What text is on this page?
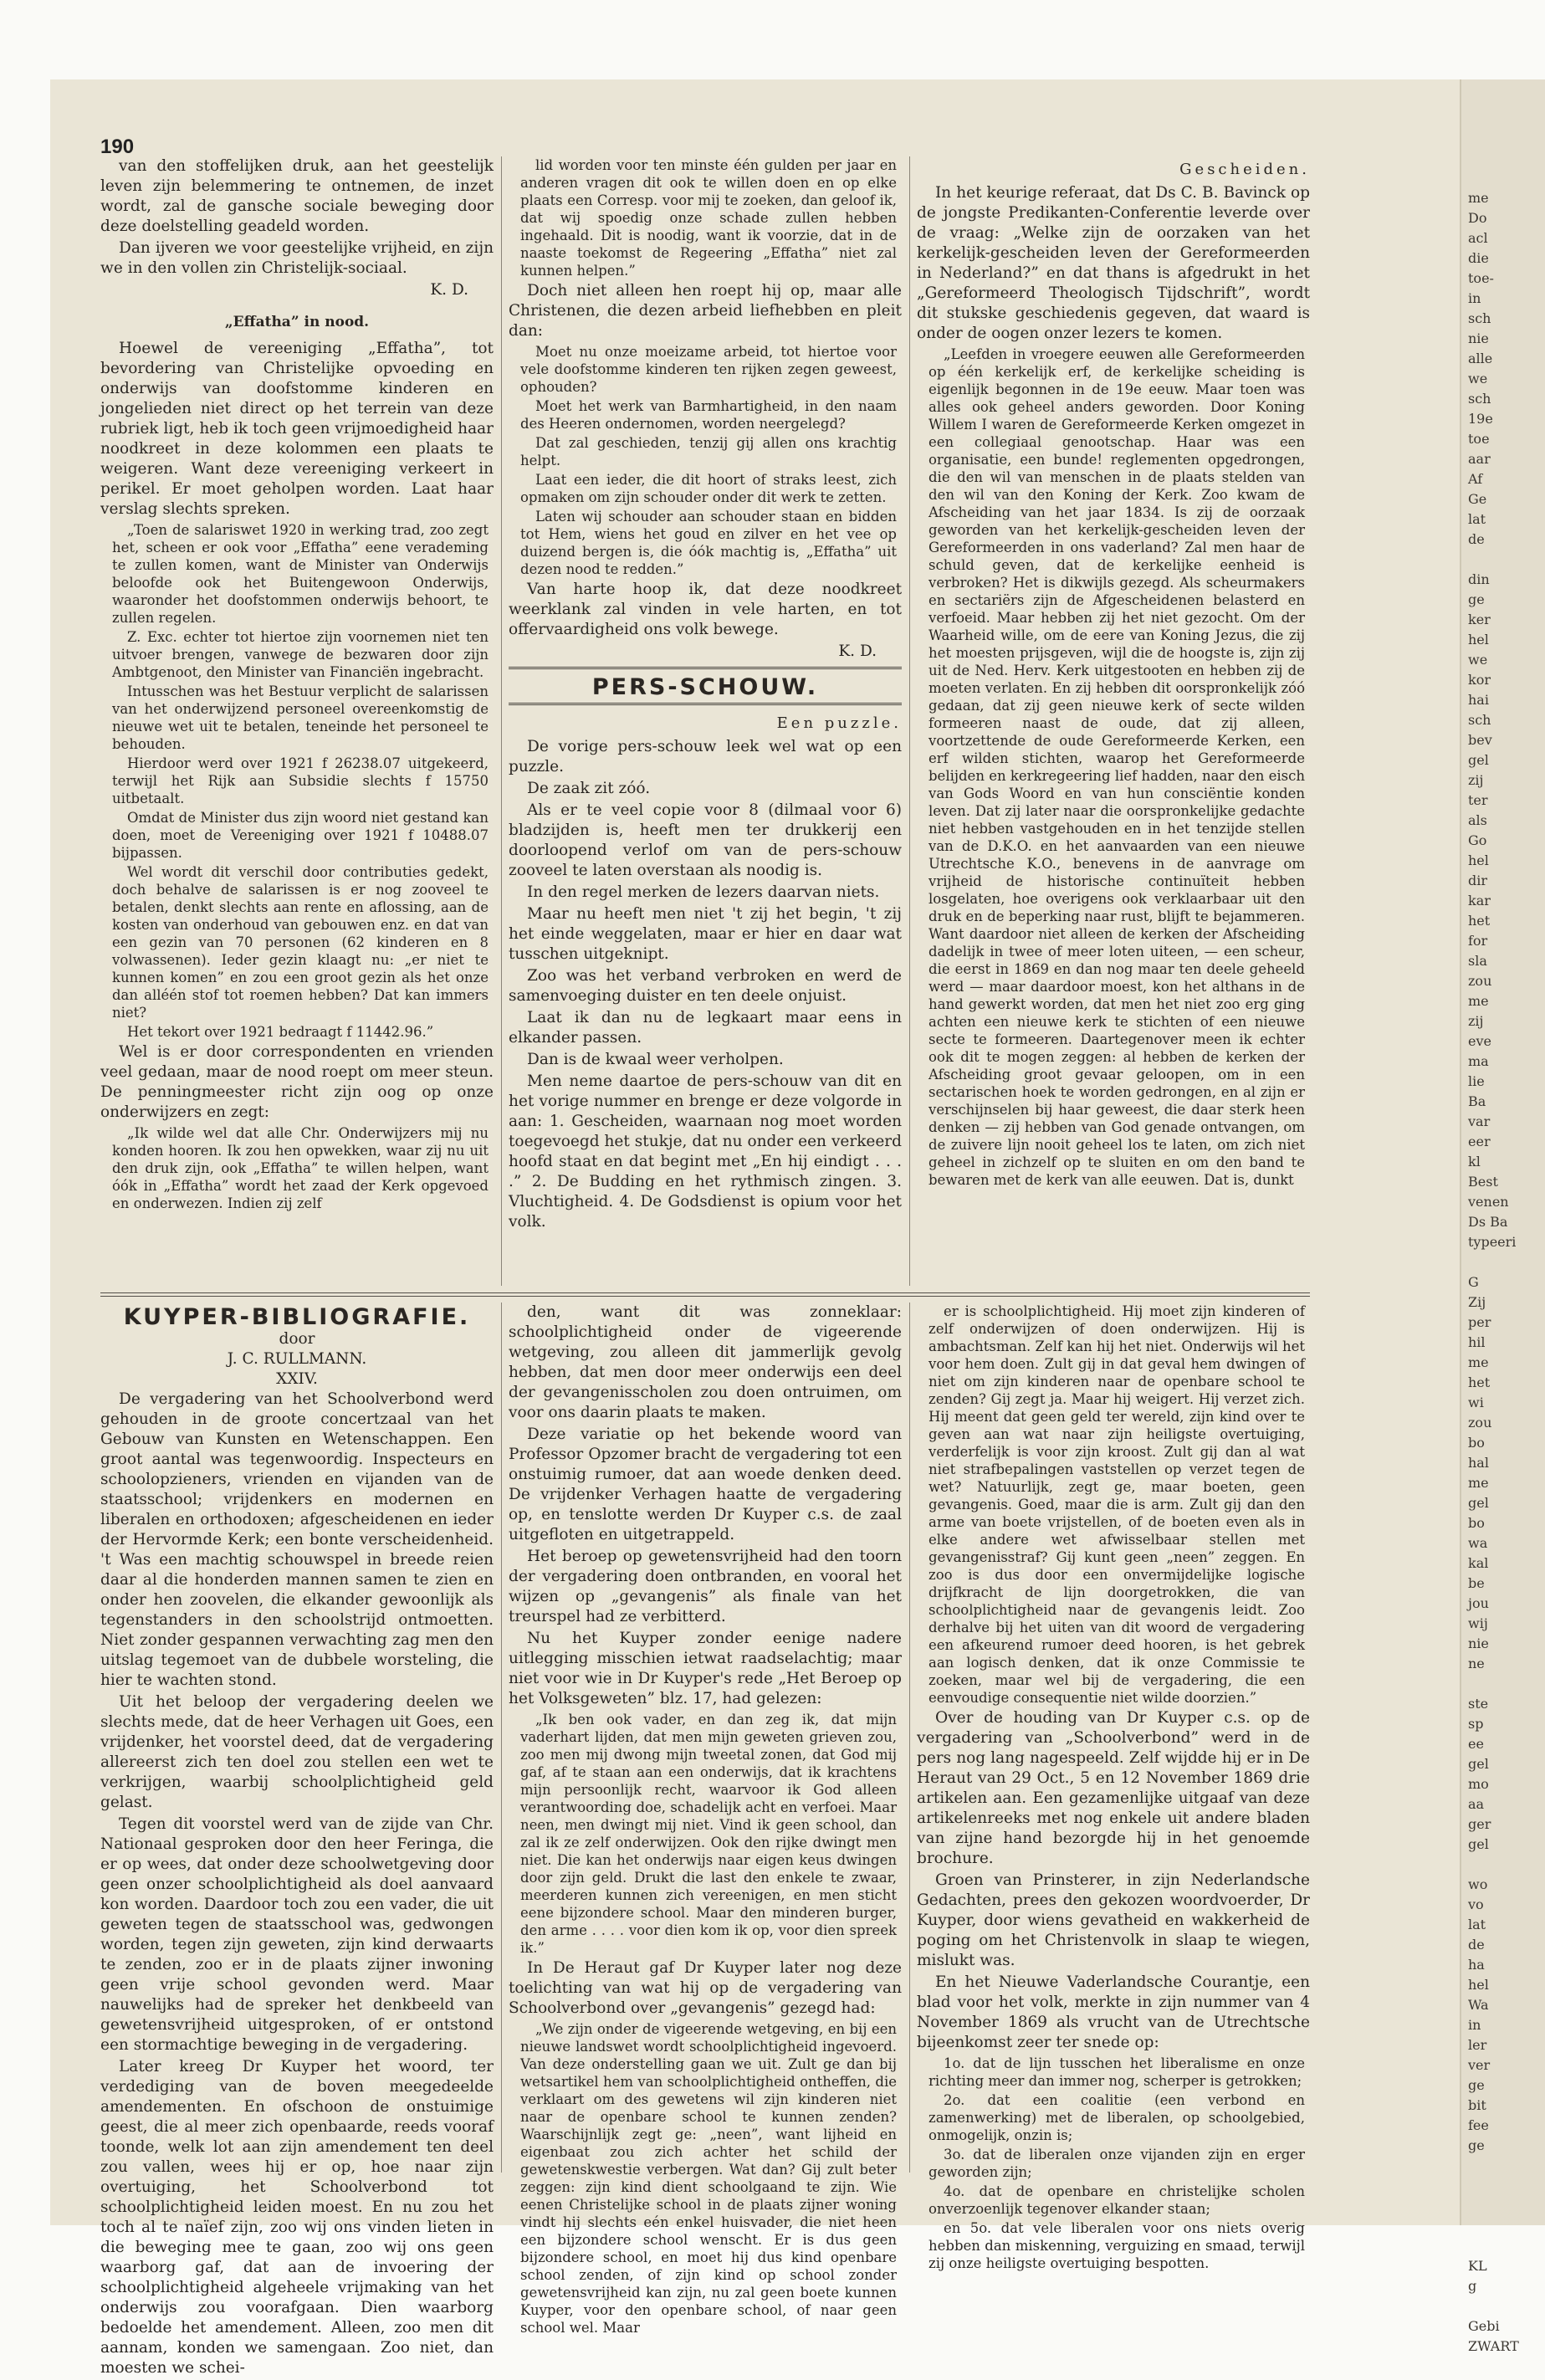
190

van den stoffelijken druk, aan het geestelijk leven zijn belemmering te ontnemen, de inzet wordt, zal de gansche sociale beweging door deze doelstelling geadeld worden.

Dan ijveren we voor geestelijke vrijheid, en zijn we in den vollen zin Christelijk-sociaal.

K. D.
„Effatha” in nood.

Hoewel de vereeniging „Effatha”, tot bevordering van Christelijke opvoeding en onderwijs van doofstomme kinderen en jongelieden niet direct op het terrein van deze rubriek ligt, heb ik toch geen vrijmoedigheid haar noodkreet in deze kolommen een plaats te weigeren. Want deze vereeniging verkeert in perikel. Er moet geholpen worden. Laat haar verslag slechts spreken.

„Toen de salariswet 1920 in werking trad, zoo zegt het, scheen er ook voor „Effatha” eene verademing te zullen komen, want de Minister van Onderwijs beloofde ook het Buitengewoon Onderwijs, waaronder het doofstommen onderwijs behoort, te zullen regelen.

Z. Exc. echter tot hiertoe zijn voornemen niet ten uitvoer brengen, vanwege de bezwaren door zijn Ambtgenoot, den Minister van Financiën ingebracht.

Intusschen was het Bestuur verplicht de salarissen van het onderwijzend personeel overeenkomstig de nieuwe wet uit te betalen, teneinde het personeel te behouden.

Hierdoor werd over 1921 f 26238.07 uitgekeerd, terwijl het Rijk aan Subsidie slechts f 15750 uitbetaalt.

Omdat de Minister dus zijn woord niet gestand kan doen, moet de Vereeniging over 1921 f 10488.07 bijpassen.

Wel wordt dit verschil door contributies gedekt, doch behalve de salarissen is er nog zooveel te betalen, denkt slechts aan rente en aflossing, aan de kosten van onderhoud van gebouwen enz. en dat van een gezin van 70 personen (62 kinderen en 8 volwassenen). Ieder gezin klaagt nu: „er niet te kunnen komen” en zou een groot gezin als het onze dan alléén stof tot roemen hebben? Dat kan immers niet?

Het tekort over 1921 bedraagt f 11442.96.”

Wel is er door correspondenten en vrienden veel gedaan, maar de nood roept om meer steun. De penningmeester richt zijn oog op onze onderwijzers en zegt:

„Ik wilde wel dat alle Chr. Onderwijzers mij nu konden hooren. Ik zou hen opwekken, waar zij nu uit den druk zijn, ook „Effatha” te willen helpen, want óók in „Effatha” wordt het zaad der Kerk opgevoed en onderwezen. Indien zij zelf

lid worden voor ten minste één gulden per jaar en anderen vragen dit ook te willen doen en op elke plaats een Corresp. voor mij te zoeken, dan geloof ik, dat wij spoedig onze schade zullen hebben ingehaald. Dit is noodig, want ik voorzie, dat in de naaste toekomst de Regeering „Effatha” niet zal kunnen helpen.”

Doch niet alleen hen roept hij op, maar alle Christenen, die dezen arbeid liefhebben en pleit dan:

Moet nu onze moeizame arbeid, tot hiertoe voor vele doofstomme kinderen ten rijken zegen geweest, ophouden?

Moet het werk van Barmhartigheid, in den naam des Heeren ondernomen, worden neergelegd?

Dat zal geschieden, tenzij gij allen ons krachtig helpt.

Laat een ieder, die dit hoort of straks leest, zich opmaken om zijn schouder onder dit werk te zetten.

Laten wij schouder aan schouder staan en bidden tot Hem, wiens het goud en zilver en het vee op duizend bergen is, die óók machtig is, „Effatha” uit dezen nood te redden.”

Van harte hoop ik, dat deze noodkreet weerklank zal vinden in vele harten, en tot offervaardigheid ons volk bewege.

K. D.
PERS-SCHOUW.
Een puzzle.

De vorige pers-schouw leek wel wat op een puzzle.

De zaak zit zóó.

Als er te veel copie voor 8 (dilmaal voor 6) bladzijden is, heeft men ter drukkerij een doorloopend verlof om van de pers-schouw zooveel te laten overstaan als noodig is.

In den regel merken de lezers daarvan niets.

Maar nu heeft men niet 't zij het begin, 't zij het einde weggelaten, maar er hier en daar wat tusschen uitgeknipt.

Zoo was het verband verbroken en werd de samenvoeging duister en ten deele onjuist.

Laat ik dan nu de legkaart maar eens in elkander passen.

Dan is de kwaal weer verholpen.

Men neme daartoe de pers-schouw van dit en het vorige nummer en brenge er deze volgorde in aan: 1. Gescheiden, waarnaan nog moet worden toegevoegd het stukje, dat nu onder een verkeerd hoofd staat en dat begint met „En hij eindigt . . . .” 2. De Budding en het rythmisch zingen. 3. Vluchtigheid. 4. De Godsdienst is opium voor het volk.

Gescheiden.

In het keurige referaat, dat Ds C. B. Bavinck op de jongste Predikanten-Conferentie leverde over de vraag: „Welke zijn de oorzaken van het kerkelijk-gescheiden leven der Gereformeerden in Nederland?” en dat thans is afgedrukt in het „Gereformeerd Theologisch Tijdschrift”, wordt dit stukske geschiedenis gegeven, dat waard is onder de oogen onzer lezers te komen.

„Leefden in vroegere eeuwen alle Gereformeerden op één kerkelijk erf, de kerkelijke scheiding is eigenlijk begonnen in de 19e eeuw. Maar toen was alles ook geheel anders geworden. Door Koning Willem I waren de Gereformeerde Kerken omgezet in een collegiaal genootschap. Haar was een organisatie, een bunde! reglementen opgedrongen, die den wil van menschen in de plaats stelden van den wil van den Koning der Kerk. Zoo kwam de Afscheiding van het jaar 1834. Is zij de oorzaak geworden van het kerkelijk-gescheiden leven der Gereformeerden in ons vaderland? Zal men haar de schuld geven, dat de kerkelijke eenheid is verbroken? Het is dikwijls gezegd. Als scheurmakers en sectariërs zijn de Afgescheidenen belasterd en verfoeid. Maar hebben zij het niet gezocht. Om der Waarheid wille, om de eere van Koning Jezus, die zij het moesten prijsgeven, wijl die de hoogste is, zijn zij uit de Ned. Herv. Kerk uitgestooten en hebben zij de moeten verlaten. En zij hebben dit oorspronkelijk zóó gedaan, dat zij geen nieuwe kerk of secte wilden formeeren naast de oude, dat zij alleen, voortzettende de oude Gereformeerde Kerken, een erf wilden stichten, waarop het Gereformeerde belijden en kerkregeering lief hadden, naar den eisch van Gods Woord en van hun consciëntie konden leven. Dat zij later naar die oorspronkelijke gedachte niet hebben vastgehouden en in het tenzijde stellen van de D.K.O. en het aanvaarden van een nieuwe Utrechtsche K.O., benevens in de aanvrage om vrijheid de historische continuïteit hebben losgelaten, hoe overigens ook verklaarbaar uit den druk en de beperking naar rust, blijft te bejammeren. Want daardoor niet alleen de kerken der Afscheiding dadelijk in twee of meer loten uiteen, — een scheur, die eerst in 1869 en dan nog maar ten deele geheeld werd — maar daardoor moest, kon het althans in de hand gewerkt worden, dat men het niet zoo erg ging achten een nieuwe kerk te stichten of een nieuwe secte te formeeren. Daartegenover meen ik echter ook dit te mogen zeggen: al hebben de kerken der Afscheiding groot gevaar geloopen, om in een sectarischen hoek te worden gedrongen, en al zijn er verschijnselen bij haar geweest, die daar sterk heen denken — zij hebben van God genade ontvangen, om de zuivere lijn nooit geheel los te laten, om zich niet geheel in zichzelf op te sluiten en om den band te bewaren met de kerk van alle eeuwen. Dat is, dunkt

KUYPER-BIBLIOGRAFIE.
door
J. C. RULLMANN.
XXIV.

De vergadering van het Schoolverbond werd gehouden in de groote concertzaal van het Gebouw van Kunsten en Wetenschappen. Een groot aantal was tegenwoordig. Inspecteurs en schoolopzieners, vrienden en vijanden van de staatsschool; vrijdenkers en modernen en liberalen en orthodoxen; afgescheidenen en ieder der Hervormde Kerk; een bonte verscheidenheid. 't Was een machtig schouwspel in breede reien daar al die honderden mannen samen te zien en onder hen zoovelen, die elkander gewoonlijk als tegenstanders in den schoolstrijd ontmoetten. Niet zonder gespannen verwachting zag men den uitslag tegemoet van de dubbele worsteling, die hier te wachten stond.

Uit het beloop der vergadering deelen we slechts mede, dat de heer Verhagen uit Goes, een vrijdenker, het voorstel deed, dat de vergadering allereerst zich ten doel zou stellen een wet te verkrijgen, waarbij schoolplichtigheid geld gelast.

Tegen dit voorstel werd van de zijde van Chr. Nationaal gesproken door den heer Feringa, die er op wees, dat onder deze schoolwetgeving door geen onzer schoolplichtigheid als doel aanvaard kon worden. Daardoor toch zou een vader, die uit geweten tegen de staatsschool was, gedwongen worden, tegen zijn geweten, zijn kind derwaarts te zenden, zoo er in de plaats zijner inwoning geen vrije school gevonden werd. Maar nauwelijks had de spreker het denkbeeld van gewetensvrijheid uitgesproken, of er ontstond een stormachtige beweging in de vergadering.

Later kreeg Dr Kuyper het woord, ter verdediging van de boven meegedeelde amendementen. En ofschoon de onstuimige geest, die al meer zich openbaarde, reeds vooraf toonde, welk lot aan zijn amendement ten deel zou vallen, wees hij er op, hoe naar zijn overtuiging, het Schoolverbond tot schoolplichtigheid leiden moest. En nu zou het toch al te naïef zijn, zoo wij ons vinden lieten in die beweging mee te gaan, zoo wij ons geen waarborg gaf, dat aan de invoering der schoolplichtigheid algeheele vrijmaking van het onderwijs zou voorafgaan. Dien waarborg bedoelde het amendement. Alleen, zoo men dit aannam, konden we samengaan. Zoo niet, dan moesten we schei-

den, want dit was zonneklaar: schoolplichtigheid onder de vigeerende wetgeving, zou alleen dit jammerlijk gevolg hebben, dat men door meer onderwijs een deel der gevangenisscholen zou doen ontruimen, om voor ons daarin plaats te maken.

Deze variatie op het bekende woord van Professor Opzomer bracht de vergadering tot een onstuimig rumoer, dat aan woede denken deed. De vrijdenker Verhagen haatte de vergadering op, en tenslotte werden Dr Kuyper c.s. de zaal uitgefloten en uitgetrappeld.

Het beroep op gewetensvrijheid had den toorn der vergadering doen ontbranden, en vooral het wijzen op „gevangenis” als finale van het treurspel had ze verbitterd.

Nu het Kuyper zonder eenige nadere uitlegging misschien ietwat raadselachtig; maar niet voor wie in Dr Kuyper's rede „Het Beroep op het Volksgeweten” blz. 17, had gelezen:

„Ik ben ook vader, en dan zeg ik, dat mijn vaderhart lijden, dat men mijn geweten grieven zou, zoo men mij dwong mijn tweetal zonen, dat God mij gaf, af te staan aan een onderwijs, dat ik krachtens mijn persoonlijk recht, waarvoor ik God alleen verantwoording doe, schadelijk acht en verfoei. Maar neen, men dwingt mij niet. Vind ik geen school, dan zal ik ze zelf onderwijzen. Ook den rijke dwingt men niet. Die kan het onderwijs naar eigen keus dwingen door zijn geld. Drukt die last den enkele te zwaar, meerderen kunnen zich vereenigen, en men sticht eene bijzondere school. Maar den minderen burger, den arme . . . . voor dien kom ik op, voor dien spreek ik.”

In De Heraut gaf Dr Kuyper later nog deze toelichting van wat hij op de vergadering van Schoolverbond over „gevangenis” gezegd had:

„We zijn onder de vigeerende wetgeving, en bij een nieuwe landswet wordt schoolplichtigheid ingevoerd. Van deze onderstelling gaan we uit. Zult ge dan bij wetsartikel hem van schoolplichtigheid ontheffen, die verklaart om des gewetens wil zijn kinderen niet naar de openbare school te kunnen zenden? Waarschijnlijk zegt ge: „neen”, want lijheid en eigenbaat zou zich achter het schild der gewetenskwestie verbergen. Wat dan? Gij zult beter zeggen: zijn kind dient schoolgaand te zijn. Wie eenen Christelijke school in de plaats zijner woning vindt hij slechts eén enkel huisvader, die niet heen een bijzondere school wenscht. Er is dus geen bijzondere school, en moet hij dus kind openbare school zenden, of zijn kind op school zonder gewetensvrijheid kan zijn, nu zal geen boete kunnen Kuyper, voor den openbare school, of naar geen school wel. Maar

er is schoolplichtigheid. Hij moet zijn kinderen of zelf onderwijzen of doen onderwijzen. Hij is ambachtsman. Zelf kan hij het niet. Onderwijs wil het voor hem doen. Zult gij in dat geval hem dwingen of niet om zijn kinderen naar de openbare school te zenden? Gij zegt ja. Maar hij weigert. Hij verzet zich. Hij meent dat geen geld ter wereld, zijn kind over te geven aan wat naar zijn heiligste overtuiging, verderfelijk is voor zijn kroost. Zult gij dan al wat niet strafbepalingen vaststellen op verzet tegen de wet? Natuurlijk, zegt ge, maar boeten, geen gevangenis. Goed, maar die is arm. Zult gij dan den arme van boete vrijstellen, of de boeten even als in elke andere wet afwisselbaar stellen met gevangenisstraf? Gij kunt geen „neen” zeggen. En zoo is dus door een onvermijdelijke logische drijfkracht de lijn doorgetrokken, die van schoolplichtigheid naar de gevangenis leidt. Zoo derhalve bij het uiten van dit woord de vergadering een afkeurend rumoer deed hooren, is het gebrek aan logisch denken, dat ik onze Commissie te zoeken, maar wel bij de vergadering, die een eenvoudige consequentie niet wilde doorzien.”

Over de houding van Dr Kuyper c.s. op de vergadering van „Schoolverbond” werd in de pers nog lang nagespeeld. Zelf wijdde hij er in De Heraut van 29 Oct., 5 en 12 November 1869 drie artikelen aan. Een gezamenlijke uitgaaf van deze artikelenreeks met nog enkele uit andere bladen van zijne hand bezorgde hij in het genoemde brochure.

Groen van Prinsterer, in zijn Nederlandsche Gedachten, prees den gekozen woordvoerder, Dr Kuyper, door wiens gevatheid en wakkerheid de poging om het Christenvolk in slaap te wiegen, mislukt was.

En het Nieuwe Vaderlandsche Courantje, een blad voor het volk, merkte in zijn nummer van 4 November 1869 als vrucht van de Utrechtsche bijeenkomst zeer ter snede op:

1o. dat de lijn tusschen het liberalisme en onze richting meer dan immer nog, scherper is getrokken;

2o. dat een coalitie (een verbond en zamenwerking) met de liberalen, op schoolgebied, onmogelijk, onzin is;

3o. dat de liberalen onze vijanden zijn en erger geworden zijn;

4o. dat de openbare en christelijke scholen onverzoenlijk tegenover elkander staan;

en 5o. dat vele liberalen voor ons niets overig hebben dan miskenning, verguizing en smaad, terwijl zij onze heiligste overtuiging bespotten.

me
Do
acl
die
toe-
in
sch
nie
alle
we
sch
19e
toe
aar
Af
Ge
lat
de

din
ge
ker
hel
we
kor
hai
sch
bev
gel
zij
ter
als
Go
hel
dir
kar
het
for
sla
zou
me
zij
eve
ma
lie
Ba
var
eer
kl
Best
venen
Ds Ba
typeeri

G
Zij
per
hil
me
het
wi
zou
bo
hal
me
gel
bo
wa
kal
be
jou
wij
nie
ne

ste
sp
ee
gel
mo
aa
ger
gel

wo
vo
lat
de
ha
hel
Wa
in
ler
ver
ge
bit
fee
ge

KL
g

Gebi
ZWART
